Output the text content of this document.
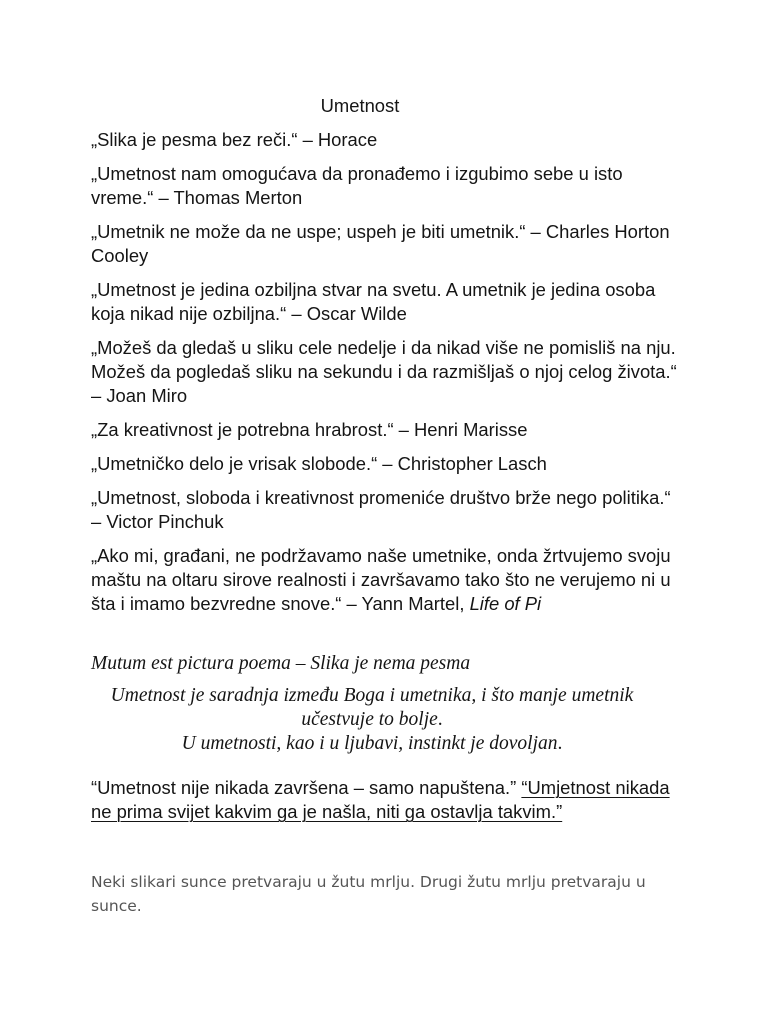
Umetnost

„Slika je pesma bez reči.“ – Horace

„Umetnost nam omogućava da pronađemo i izgubimo sebe u isto vreme.“ – Thomas Merton

„Umetnik ne može da ne uspe; uspeh je biti umetnik.“ – Charles Horton Cooley

„Umetnost je jedina ozbiljna stvar na svetu. A umetnik je jedina osoba koja nikad nije ozbiljna.“ – Oscar Wilde

„Možeš da gledaš u sliku cele nedelje i da nikad više ne pomisliš na nju. Možeš da pogledaš sliku na sekundu i da razmišljaš o njoj celog života.“ – Joan Miro

„Za kreativnost je potrebna hrabrost.“ – Henri Marisse

„Umetničko delo je vrisak slobode.“ – Christopher Lasch

„Umetnost, sloboda i kreativnost promeniće društvo brže nego politika.“ – Victor Pinchuk

„Ako mi, građani, ne podržavamo naše umetnike, onda žrtvujemo svoju maštu na oltaru sirove realnosti i završavamo tako što ne verujemo ni u šta i imamo bezvredne snove.“ – Yann Martel, Life of Pi

Mutum est pictura poema – Slika je nema pesma
Umetnost je saradnja između Boga i umetnika, i što manje umetnik učestvuje to bolje.
U umetnosti, kao i u ljubavi, instinkt je dovoljan.
“Umetnost nije nikada završena – samo napuštena.” “Umjetnost nikada ne prima svijet kakvim ga je našla, niti ga ostavlja takvim.”
Neki slikari sunce pretvaraju u žutu mrlju. Drugi žutu mrlju pretvaraju u sunce.
